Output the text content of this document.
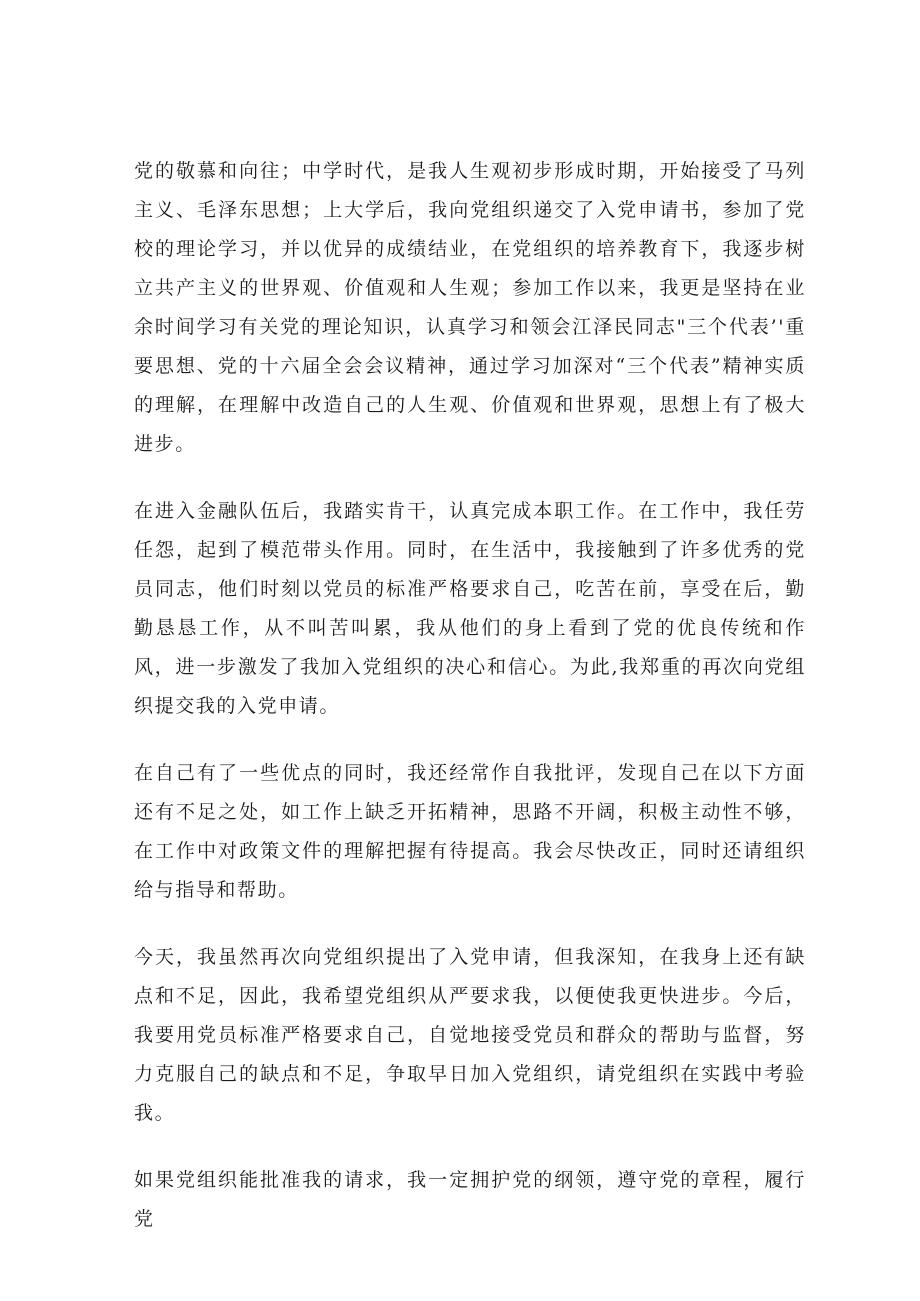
党的敬慕和向往；中学时代，是我人生观初步形成时期，开始接受了马列主义、毛泽东思想；上大学后，我向党组织递交了入党申请书，参加了党校的理论学习，并以优异的成绩结业，在党组织的培养教育下，我逐步树立共产主义的世界观、价值观和人生观；参加工作以来，我更是坚持在业余时间学习有关党的理论知识，认真学习和领会江泽民同志"三个代表’'重要思想、党的十六届全会会议精神，通过学习加深对“三个代表”精神实质的理解，在理解中改造自己的人生观、价值观和世界观，思想上有了极大进步。

在进入金融队伍后，我踏实肯干，认真完成本职工作。在工作中，我任劳任怨，起到了模范带头作用。同时，在生活中，我接触到了许多优秀的党员同志，他们时刻以党员的标准严格要求自己，吃苦在前，享受在后，勤勤恳恳工作，从不叫苦叫累，我从他们的身上看到了党的优良传统和作风，进一步激发了我加入党组织的决心和信心。为此,我郑重的再次向党组织提交我的入党申请。

在自己有了一些优点的同时，我还经常作自我批评，发现自己在以下方面还有不足之处，如工作上缺乏开拓精神，思路不开阔，积极主动性不够，在工作中对政策文件的理解把握有待提高。我会尽快改正，同时还请组织给与指导和帮助。

今天，我虽然再次向党组织提出了入党申请，但我深知，在我身上还有缺点和不足，因此，我希望党组织从严要求我，以便使我更快进步。今后，我要用党员标准严格要求自己，自觉地接受党员和群众的帮助与监督，努力克服自己的缺点和不足，争取早日加入党组织，请党组织在实践中考验我。

如果党组织能批准我的请求，我一定拥护党的纲领，遵守党的章程，履行党
